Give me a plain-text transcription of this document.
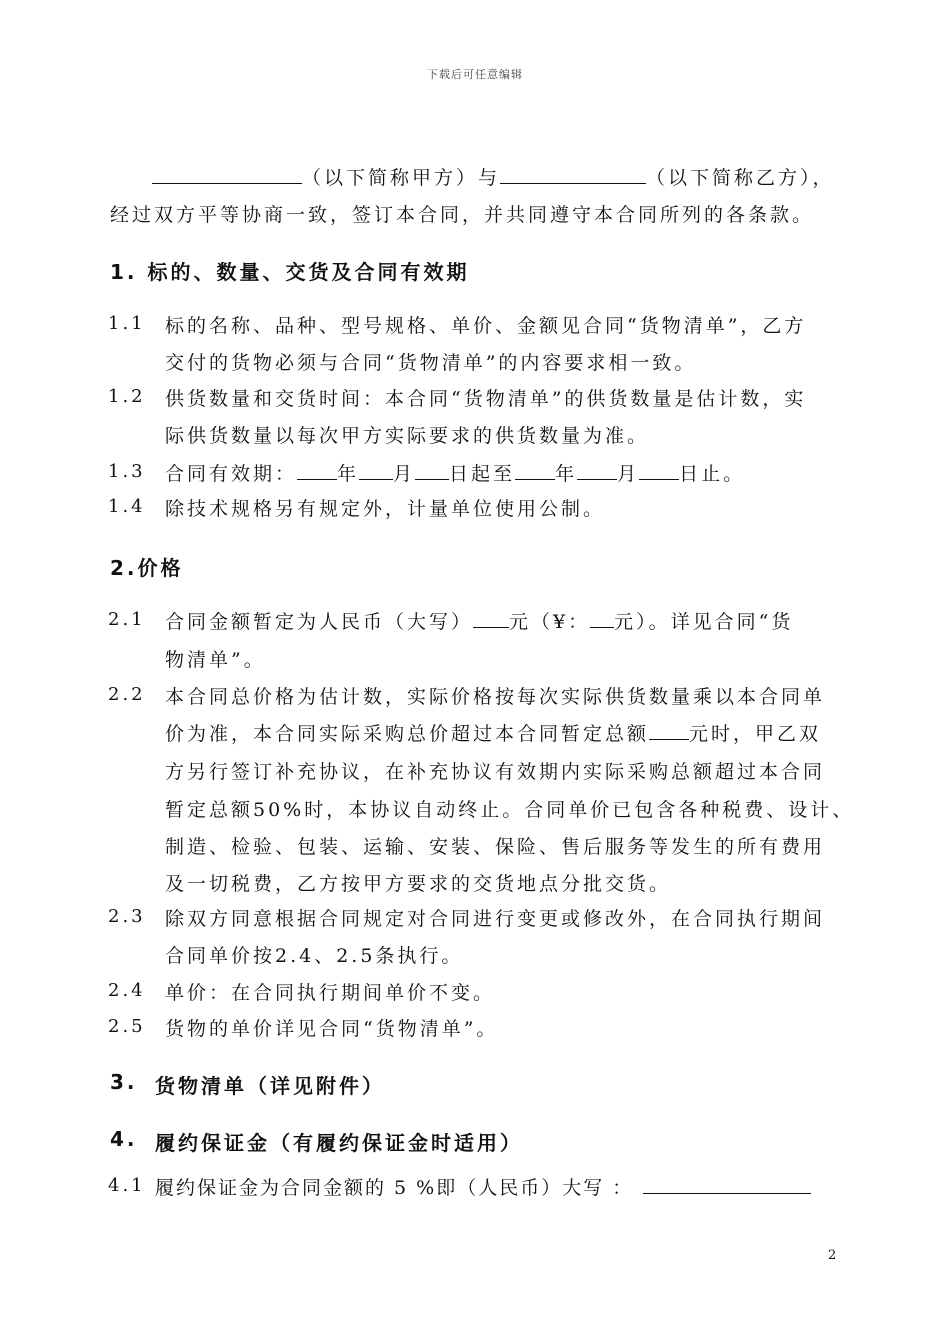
下载后可任意编辑
（以下简称甲方）与	（以下简称乙方），
经过双方平等协商一致，签订本合同，并共同遵守本合同所列的各条款。
1. 标的、数量、交货及合同有效期
1.1 标的名称、品种、型号规格、单价、金额见合同“货物清单”，乙方
交付的货物必须与合同“货物清单”的内容要求相一致。
1.2 供货数量和交货时间：本合同“货物清单”的供货数量是估计数，实
际供货数量以每次甲方实际要求的供货数量为准。
1.3 合同有效期： 年 月 日起至 年 月 日止。
1.4 除技术规格另有规定外，计量单位使用公制。
2.价格
2.1 合同金额暂定为人民币（大写） 元（¥： 元）。详见合同“货
物清单”。
2.2 本合同总价格为估计数，实际价格按每次实际供货数量乘以本合同单
价为准，本合同实际采购总价超过本合同暂定总额 元时，甲乙双
方另行签订补充协议，在补充协议有效期内实际采购总额超过本合同
暂定总额50%时，本协议自动终止。合同单价已包含各种税费、设计、
制造、检验、包装、运输、安装、保险、售后服务等发生的所有费用
及一切税费，乙方按甲方要求的交货地点分批交货。
2.3 除双方同意根据合同规定对合同进行变更或修改外，在合同执行期间
合同单价按2.4、2.5条执行。
2.4 单价：在合同执行期间单价不变。
2.5 货物的单价详见合同“货物清单”。
3. 货物清单（详见附件）
4. 履约保证金（有履约保证金时适用）
4.1 履约保证金为合同金额的 5 %即（人民币）大写 ：
2
